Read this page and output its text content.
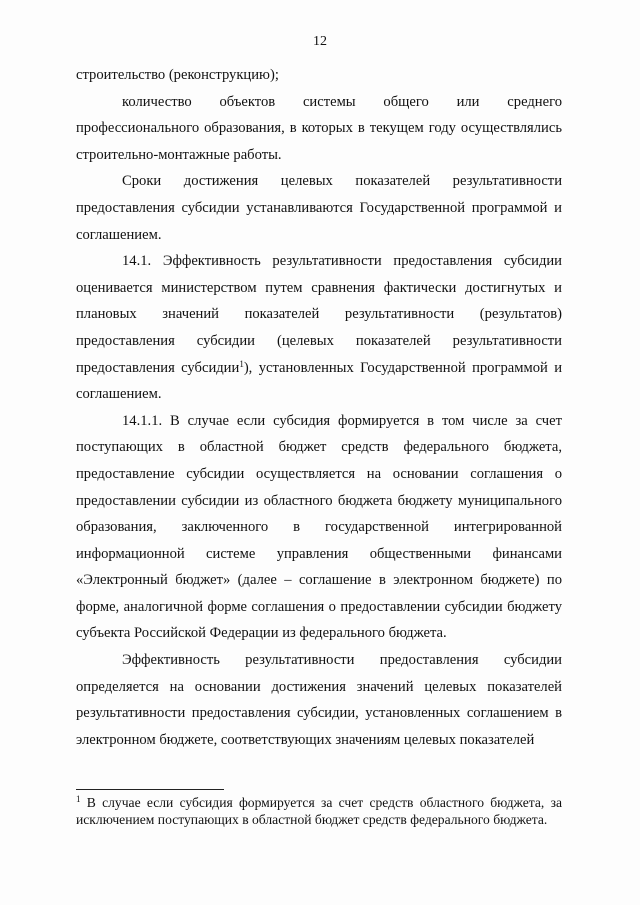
12

строительство (реконструкцию);

количество объектов системы общего или среднего профессионального образования, в которых в текущем году осуществлялись строительно-монтажные работы.

Сроки достижения целевых показателей результативности предоставления субсидии устанавливаются Государственной программой и соглашением.

14.1. Эффективность результативности предоставления субсидии оценивается министерством путем сравнения фактически достигнутых и плановых значений показателей результативности (результатов) предоставления субсидии (целевых показателей результативности предоставления субсидии$^1$), установленных Государственной программой и соглашением.

14.1.1. В случае если субсидия формируется в том числе за счет поступающих в областной бюджет средств федерального бюджета, предоставление субсидии осуществляется на основании соглашения о предоставлении субсидии из областного бюджета бюджету муниципального образования, заключенного в государственной интегрированной информационной системе управления общественными финансами «Электронный бюджет» (далее – соглашение в электронном бюджете) по форме, аналогичной форме соглашения о предоставлении субсидии бюджету субъекта Российской Федерации из федерального бюджета.

Эффективность результативности предоставления субсидии определяется на основании достижения значений целевых показателей результативности предоставления субсидии, установленных соглашением в электронном бюджете, соответствующих значениям целевых показателей

$^1$ В случае если субсидия формируется за счет средств областного бюджета, за исключением поступающих в областной бюджет средств федерального бюджета.
